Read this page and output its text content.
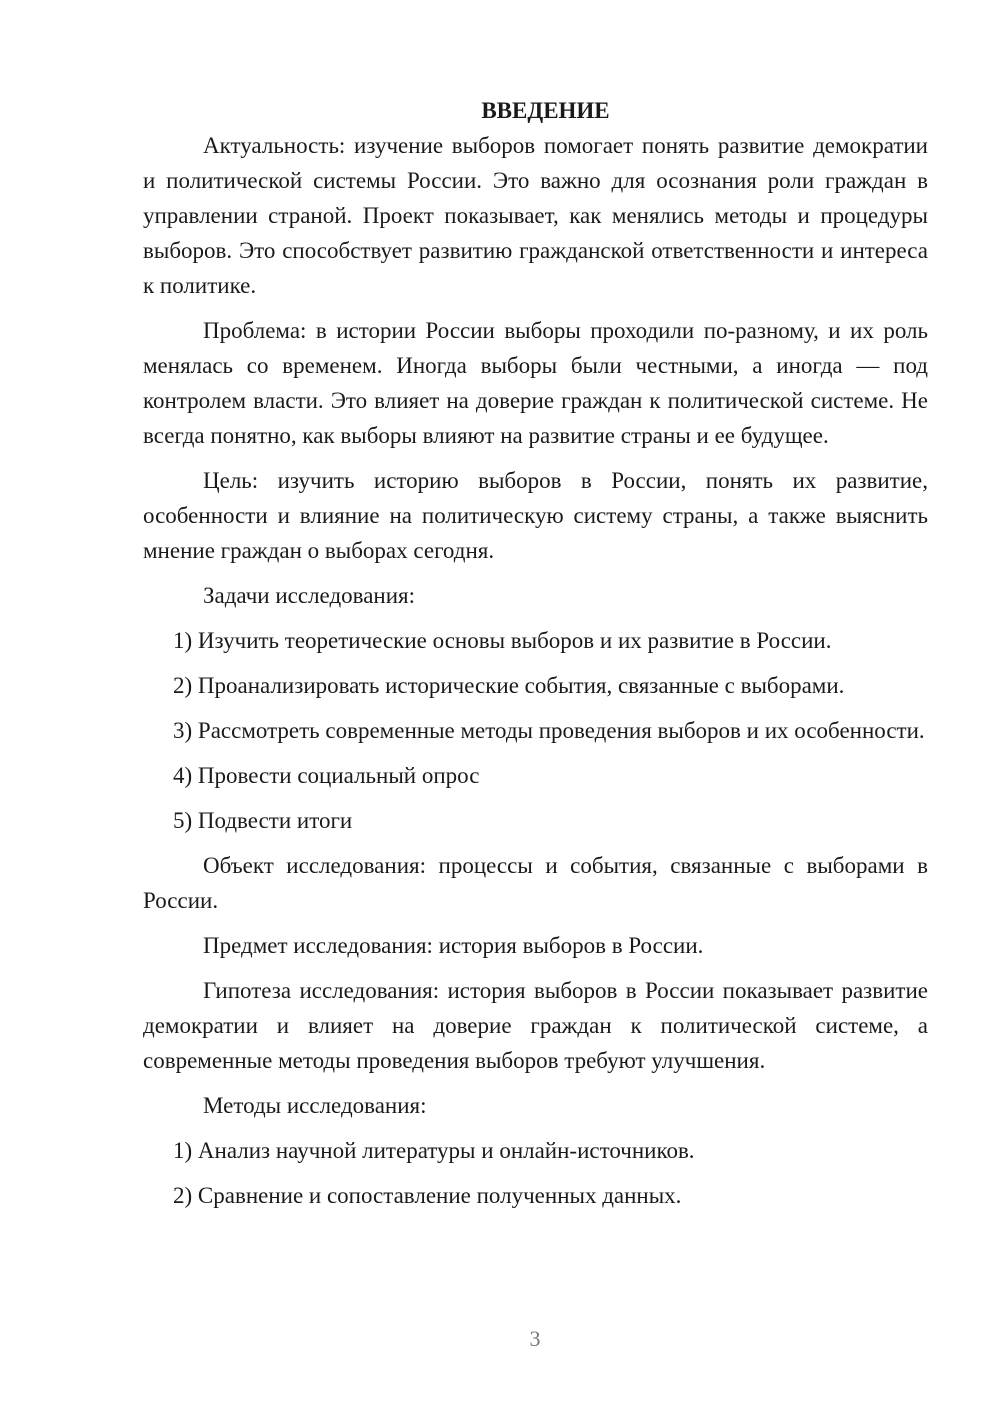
ВВЕДЕНИЕ

Актуальность: изучение выборов помогает понять развитие демократии и политической системы России. Это важно для осознания роли граждан в управлении страной. Проект показывает, как менялись методы и процедуры выборов. Это способствует развитию гражданской ответственности и интереса к политике.

Проблема: в истории России выборы проходили по-разному, и их роль менялась со временем. Иногда выборы были честными, а иногда — под контролем власти. Это влияет на доверие граждан к политической системе. Не всегда понятно, как выборы влияют на развитие страны и ее будущее.

Цель: изучить историю выборов в России, понять их развитие, особенности и влияние на политическую систему страны, а также выяснить мнение граждан о выборах сегодня.

Задачи исследования:

1) Изучить теоретические основы выборов и их развитие в России.

2) Проанализировать исторические события, связанные с выборами.

3) Рассмотреть современные методы проведения выборов и их особенности.

4) Провести социальный опрос

5) Подвести итоги

Объект исследования: процессы и события, связанные с выборами в России.

Предмет исследования: история выборов в России.

Гипотеза исследования: история выборов в России показывает развитие демократии и влияет на доверие граждан к политической системе, а современные методы проведения выборов требуют улучшения.

Методы исследования:

1) Анализ научной литературы и онлайн-источников.

2) Сравнение и сопоставление полученных данных.

3
